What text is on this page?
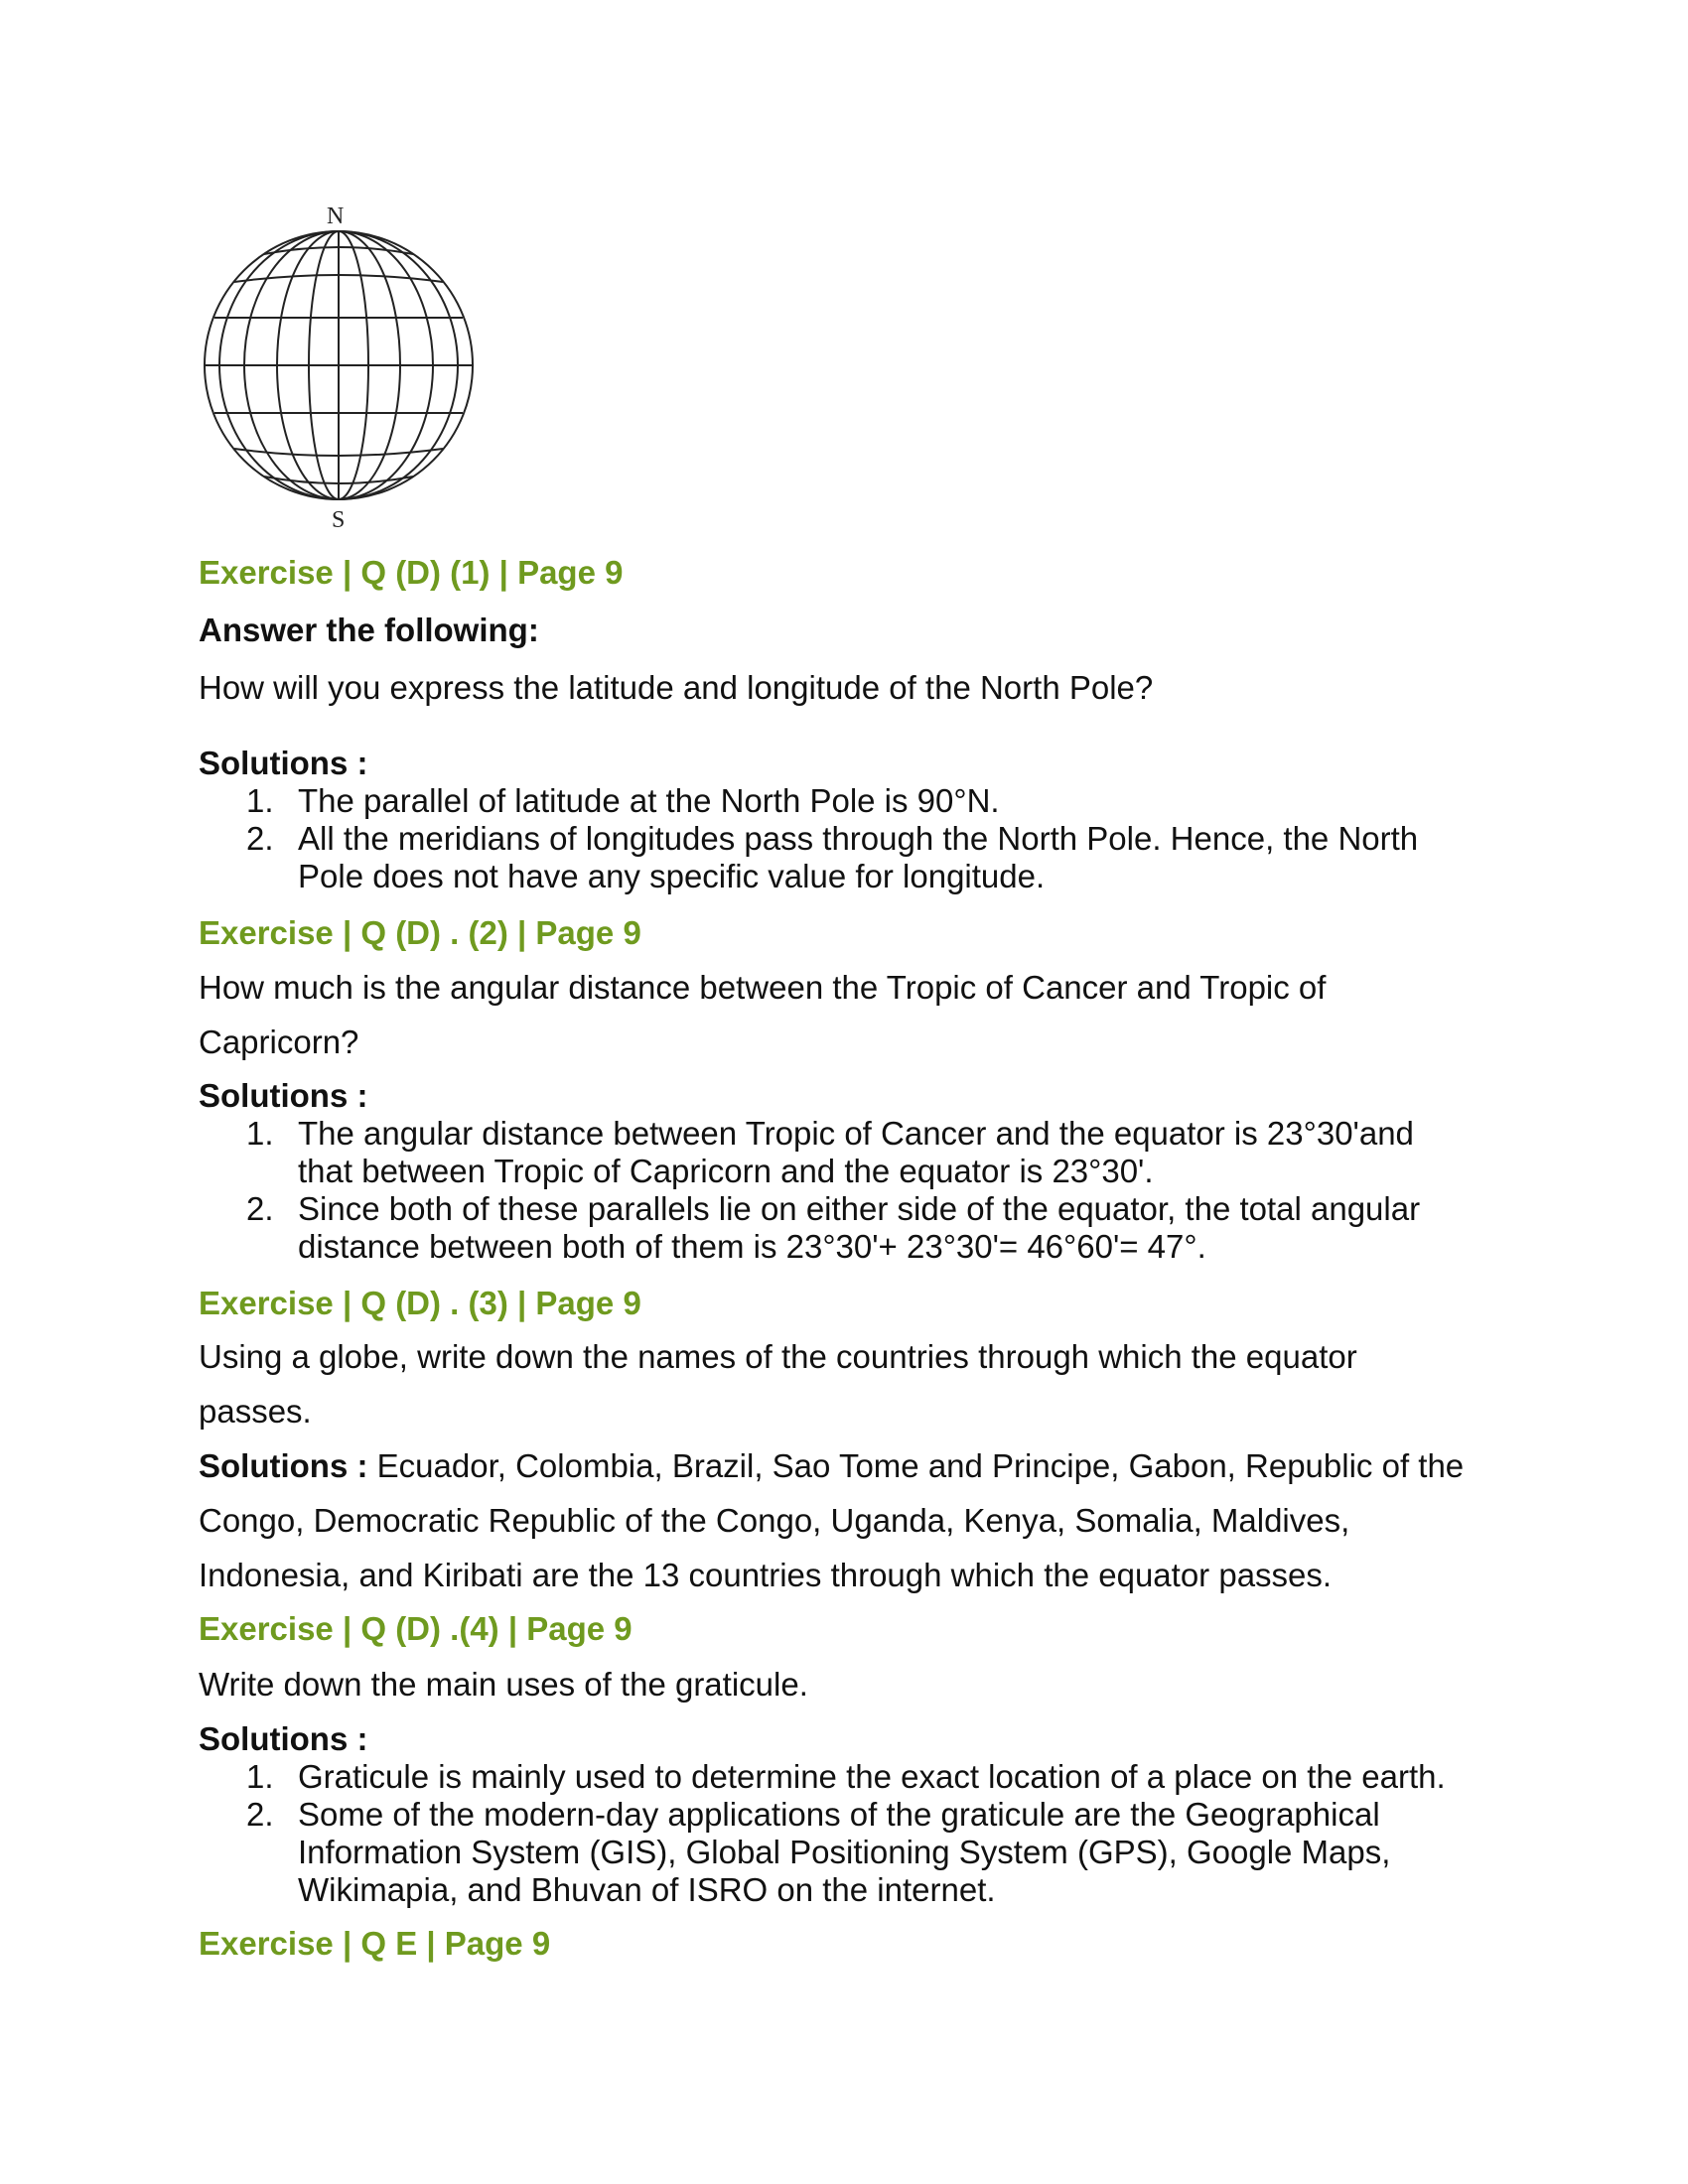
N
S
Exercise | Q (D) (1) | Page 9
Answer the following:
How will you express the latitude and longitude of the North Pole?
Solutions :
1. The parallel of latitude at the North Pole is 90°N.
2. All the meridians of longitudes pass through the North Pole. Hence, the North
Pole does not have any specific value for longitude.
Exercise | Q (D) . (2) | Page 9
How much is the angular distance between the Tropic of Cancer and Tropic of
Capricorn?
Solutions :
1. The angular distance between Tropic of Cancer and the equator is 23°30'and
that between Tropic of Capricorn and the equator is 23°30'.
2. Since both of these parallels lie on either side of the equator, the total angular
distance between both of them is 23°30'+ 23°30'= 46°60'= 47°.
Exercise | Q (D) . (3) | Page 9
Using a globe, write down the names of the countries through which the equator
passes.
Solutions : Ecuador, Colombia, Brazil, Sao Tome and Principe, Gabon, Republic of the
Congo, Democratic Republic of the Congo, Uganda, Kenya, Somalia, Maldives,
Indonesia, and Kiribati are the 13 countries through which the equator passes.
Exercise | Q (D) .(4) | Page 9
Write down the main uses of the graticule.
Solutions :
1. Graticule is mainly used to determine the exact location of a place on the earth.
2. Some of the modern-day applications of the graticule are the Geographical
Information System (GIS), Global Positioning System (GPS), Google Maps,
Wikimapia, and Bhuvan of ISRO on the internet.
Exercise | Q E | Page 9
